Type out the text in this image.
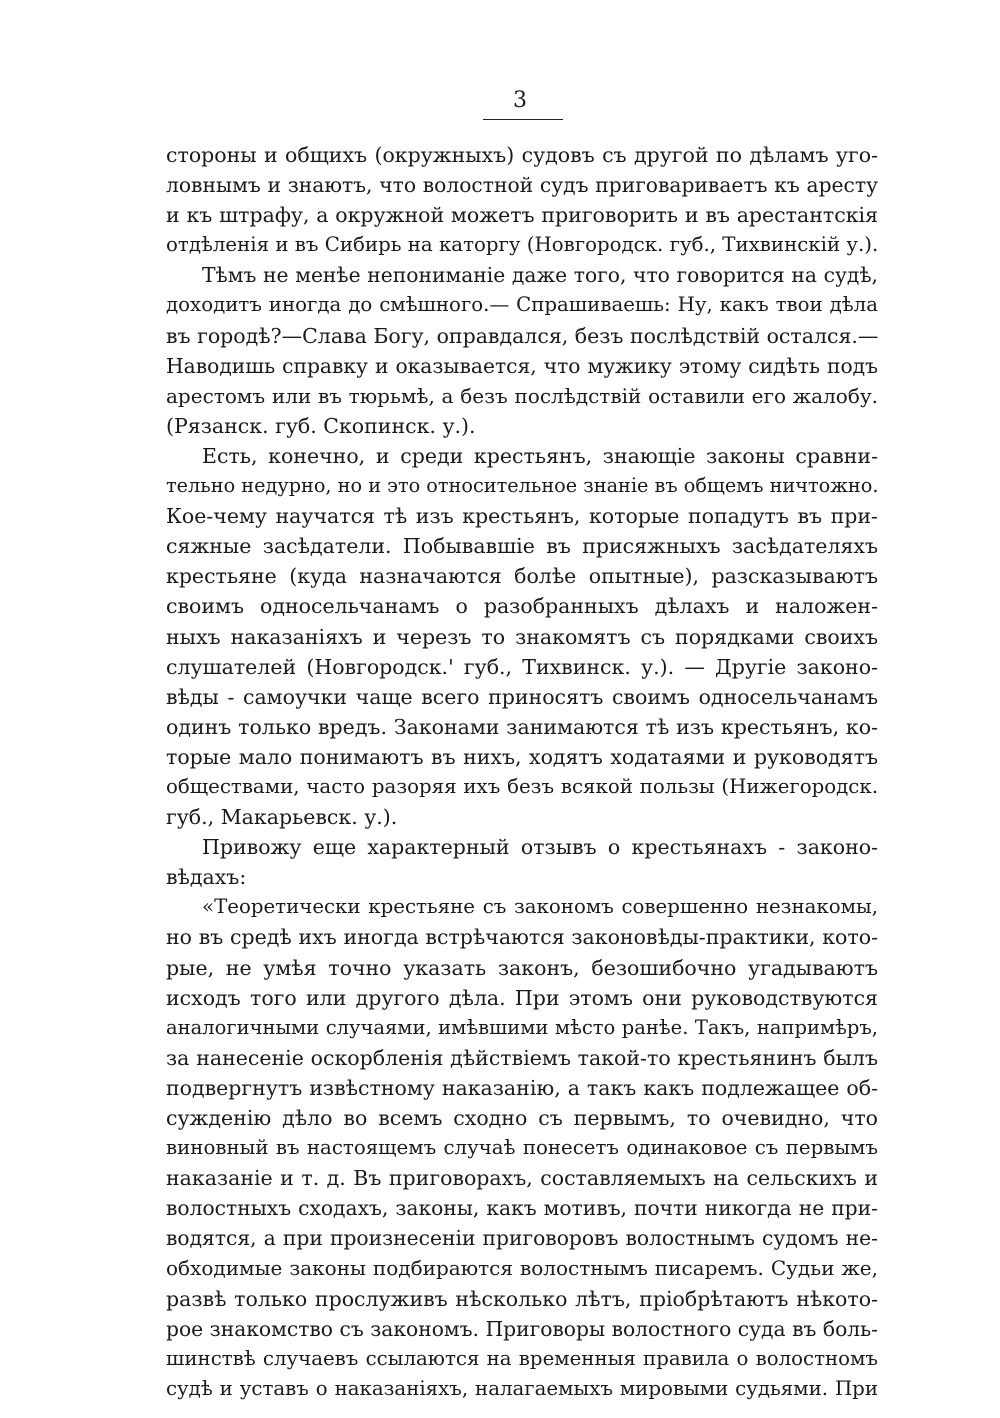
3
стороны и общихъ (окружныхъ) судовъ съ другой по дѣламъ уго-
ловнымъ и знаютъ, что волостной судъ приговариваетъ къ аресту
и къ штрафу, а окружной можетъ приговорить и въ арестантскія
отдѣленія и въ Сибирь на каторгу (Новгородск. губ., Тихвинскій у.).
Тѣмъ не менѣе непониманіе даже того, что говорится на судѣ,
доходитъ иногда до смѣшного.— Спрашиваешь: Ну, какъ твои дѣла
въ городѣ?—Слава Богу, оправдался, безъ послѣдствій остался.—
Наводишь справку и оказывается, что мужику этому сидѣть подъ
арестомъ или въ тюрьмѣ, а безъ послѣдствій оставили его жалобу.
(Рязанск. губ. Скопинск. у.).
Есть, конечно, и среди крестьянъ, знающіе законы сравни-
тельно недурно, но и это относительное знаніе въ общемъ ничтожно.
Кое-чему научатся тѣ изъ крестьянъ, которые попадутъ въ при-
сяжные засѣдатели. Побывавшіе въ присяжныхъ засѣдателяхъ
крестьяне (куда назначаются болѣе опытные), разсказываютъ
своимъ односельчанамъ о разобранныхъ дѣлахъ и наложен-
ныхъ наказаніяхъ и черезъ то знакомятъ съ порядками своихъ
слушателей (Новгородск.' губ., Тихвинск. у.). — Другіе законо-
вѣды - самоучки чаще всего приносятъ своимъ односельчанамъ
одинъ только вредъ. Законами занимаются тѣ изъ крестьянъ, ко-
торые мало понимаютъ въ нихъ, ходятъ ходатаями и руководятъ
обществами, часто разоряя ихъ безъ всякой пользы (Нижегородск.
губ., Макарьевск. у.).
Привожу еще характерный отзывъ о крестьянахъ - законо-
вѣдахъ:
«Теоретически крестьяне съ закономъ совершенно незнакомы,
но въ средѣ ихъ иногда встрѣчаются законовѣды-практики, кото-
рые, не умѣя точно указать законъ, безошибочно угадываютъ
исходъ того или другого дѣла. При этомъ они руководствуются
аналогичными случаями, имѣвшими мѣсто ранѣе. Такъ, напримѣръ,
за нанесеніе оскорбленія дѣйствіемъ такой-то крестьянинъ былъ
подвергнутъ извѣстному наказанію, а такъ какъ подлежащее об-
сужденію дѣло во всемъ сходно съ первымъ, то очевидно, что
виновный въ настоящемъ случаѣ понесетъ одинаковое съ первымъ
наказаніе и т. д. Въ приговорахъ, составляемыхъ на сельскихъ и
волостныхъ сходахъ, законы, какъ мотивъ, почти никогда не при-
водятся, а при произнесеніи приговоровъ волостнымъ судомъ не-
обходимые законы подбираются волостнымъ писаремъ. Судьи же,
развѣ только прослуживъ нѣсколько лѣтъ, пріобрѣтаютъ нѣкото-
рое знакомство съ закономъ. Приговоры волостного суда въ боль-
шинствѣ случаевъ ссылаются на временныя правила о волостномъ
судѣ и уставъ о наказаніяхъ, налагаемыхъ мировыми судьями. При
